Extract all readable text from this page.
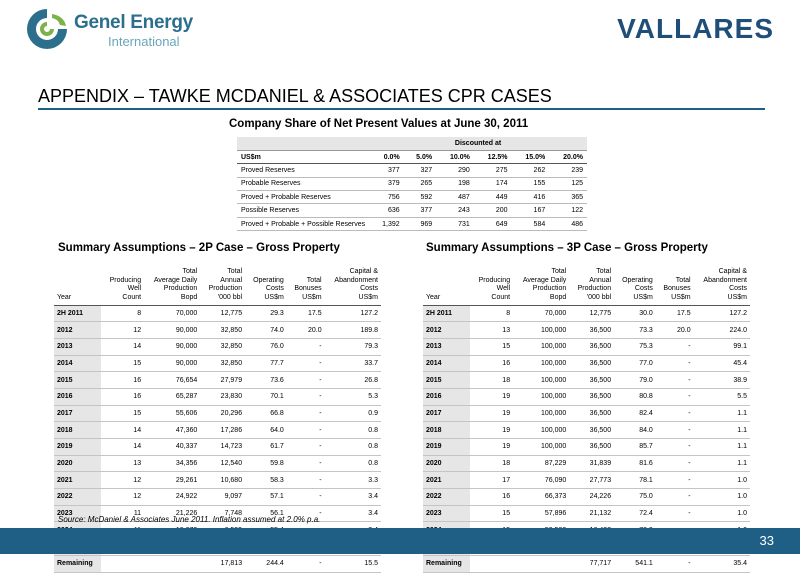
Genel Energy
International	VALLARES
APPENDIX – TAWKE MCDANIEL & ASSOCIATES CPR CASES
Company Share of Net Present Values at June 30, 2011
	Discounted at					
US$m	0.0%	5.0%	10.0%	12.5%	15.0%	20.0%
Proved Reserves	377	327	290	275	262	239
Probable Reserves	379	265	198	174	155	125
Proved + Probable Reserves	756	592	487	449	416	365
Possible Reserves	636	377	243	200	167	122
Proved + Probable + Possible Reserves	1,392	969	731	649	584	486
Summary Assumptions – 2P Case – Gross Property
Year	Producing
Well
Count	Total
Average Daily
Production
Bopd	Total
Annual
Production
'000 bbl	Operating
Costs
US$m	Total
Bonuses
US$m	Capital &
Abandonment
Costs
US$m
2H 2011	8	70,000	12,775	29.3	17.5	127.2
2012	12	90,000	32,850	74.0	20.0	189.8
2013	14	90,000	32,850	76.0	-	79.3
2014	15	90,000	32,850	77.7	-	33.7
2015	16	76,654	27,979	73.6	-	26.8
2016	16	65,287	23,830	70.1	-	5.3
2017	15	55,606	20,296	66.8	-	0.9
2018	14	47,360	17,286	64.0	-	0.8
2019	14	40,337	14,723	61.7	-	0.8
2020	13	34,356	12,540	59.8	-	0.8
2021	12	29,261	10,680	58.3	-	3.3
2022	12	24,922	9,097	57.1	-	3.4
2023	11	21,226	7,748	56.1	-	3.4

Remaining			17,813	244.4	-	15.5
Summary Assumptions – 3P Case – Gross Property
Year	Producing
Well
Count	Total
Average Daily
Production
Bopd	Total
Annual
Production
'000 bbl	Operating
Costs
US$m	Total
Bonuses
US$m	Capital &
Abandonment
Costs
US$m
2H 2011	8	70,000	12,775	30.0	17.5	127.2
2012	13	100,000	36,500	73.3	20.0	224.0
2013	15	100,000	36,500	75.3	-	99.1
2014	16	100,000	36,500	77.0	-	45.4
2015	18	100,000	36,500	79.0	-	38.9
2016	19	100,000	36,500	80.8	-	5.5
2017	19	100,000	36,500	82.4	-	1.1
2018	19	100,000	36,500	84.0	-	1.1
2019	19	100,000	36,500	85.7	-	1.1
2020	18	87,229	31,839	81.6	-	1.1
2021	17	76,090	27,773	78.1	-	1.0
2022	16	66,373	24,226	75.0	-	1.0
2023	15	57,896	21,132	72.4	-	1.0

Remaining			77,717	541.1	-	35.4
Source: McDaniel & Associates June 2011. Inflation assumed at 2.0% p.a.
33
